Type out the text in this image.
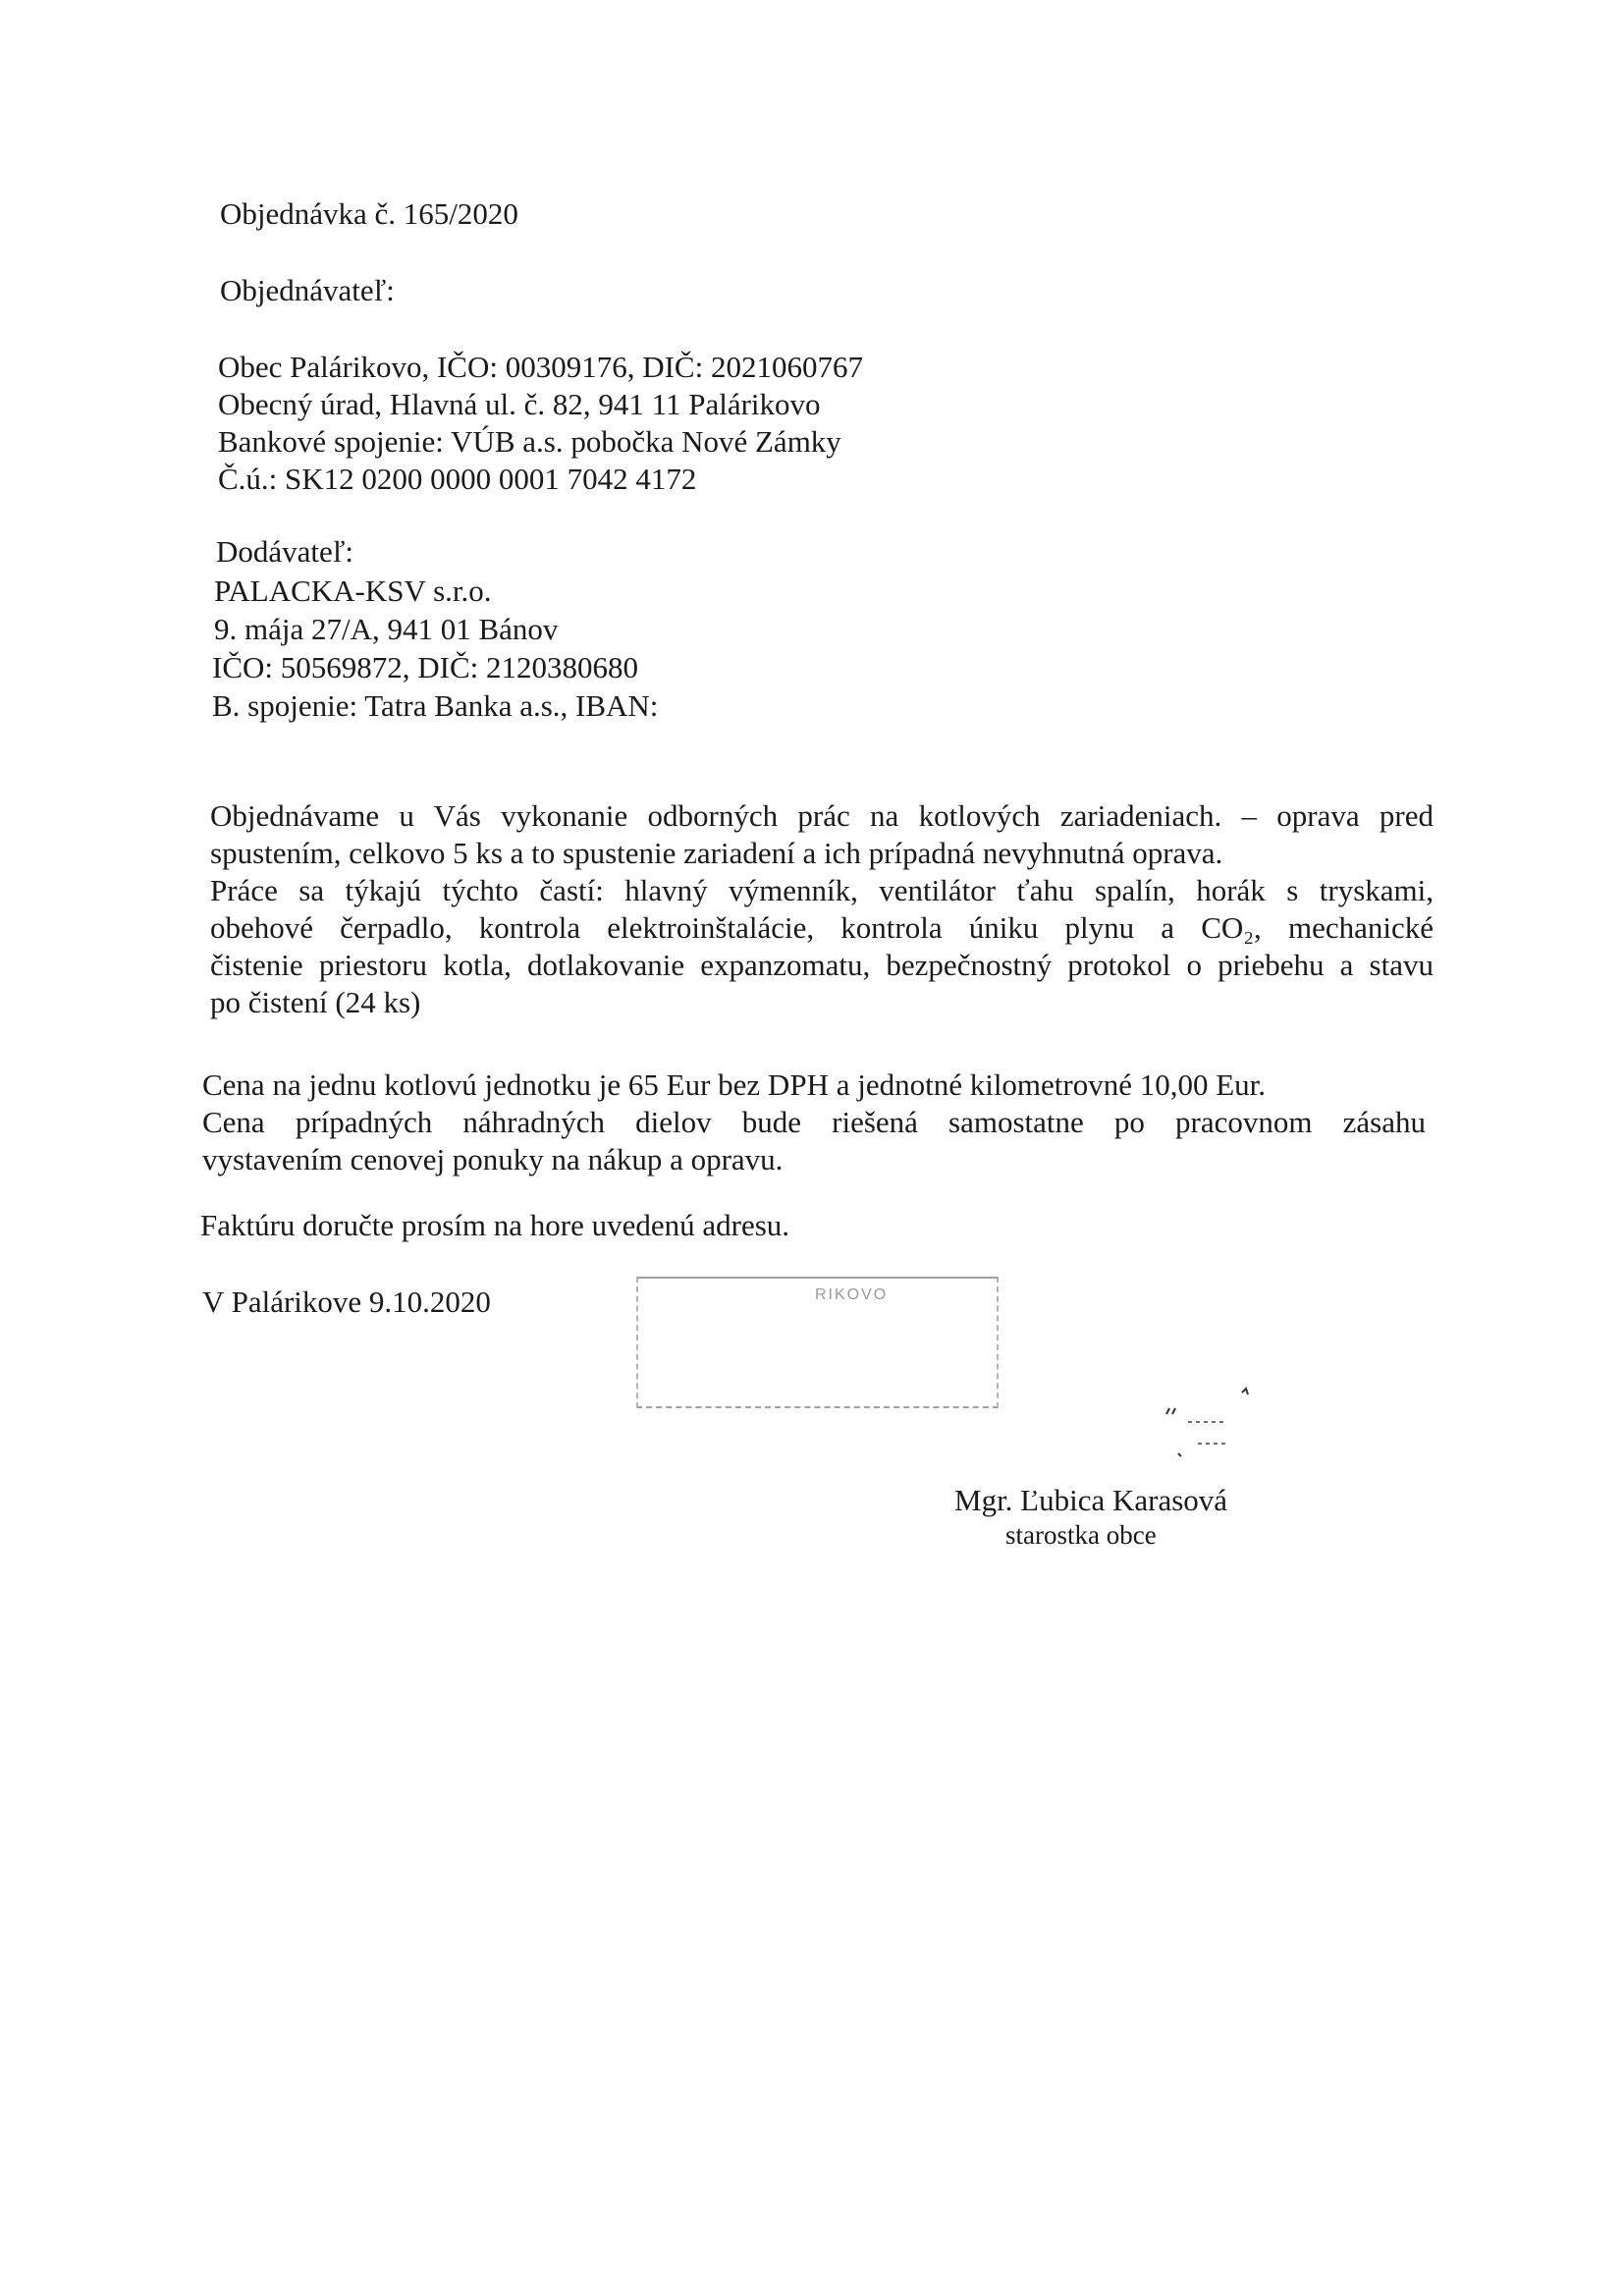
Objednávka č. 165/2020
Objednávateľ:
Obec Palárikovo, IČO: 00309176, DIČ: 2021060767
Obecný úrad, Hlavná ul. č. 82, 941 11 Palárikovo
Bankové spojenie: VÚB a.s. pobočka Nové Zámky
Č.ú.: SK12 0200 0000 0001 7042 4172
Dodávateľ:
PALACKA-KSV s.r.o.
9. mája 27/A, 941 01 Bánov
IČO: 50569872, DIČ: 2120380680
B. spojenie: Tatra Banka a.s., IBAN:
Objednávame u Vás vykonanie odborných prác na kotlových zariadeniach. – oprava pred
spustením, celkovo 5 ks a to spustenie zariadení a ich prípadná nevyhnutná oprava.
Práce sa týkajú týchto častí: hlavný výmenník, ventilátor ťahu spalín, horák s tryskami,
obehové čerpadlo, kontrola elektroinštalácie, kontrola úniku plynu a CO₂, mechanické
čistenie priestoru kotla, dotlakovanie expanzomatu, bezpečnostný protokol o priebehu a stavu
po čistení (24 ks)
Cena na jednu kotlovú jednotku je 65 Eur bez DPH a jednotné kilometrovné 10,00 Eur.
Cena prípadných náhradných dielov bude riešená samostatne po pracovnom zásahu
vystavením cenovej ponuky na nákup a opravu.
Faktúru doručte prosím na hore uvedenú adresu.
V Palárikove 9.10.2020	RIKOVO
Mgr. Ľubica Karasová
starostka obce
